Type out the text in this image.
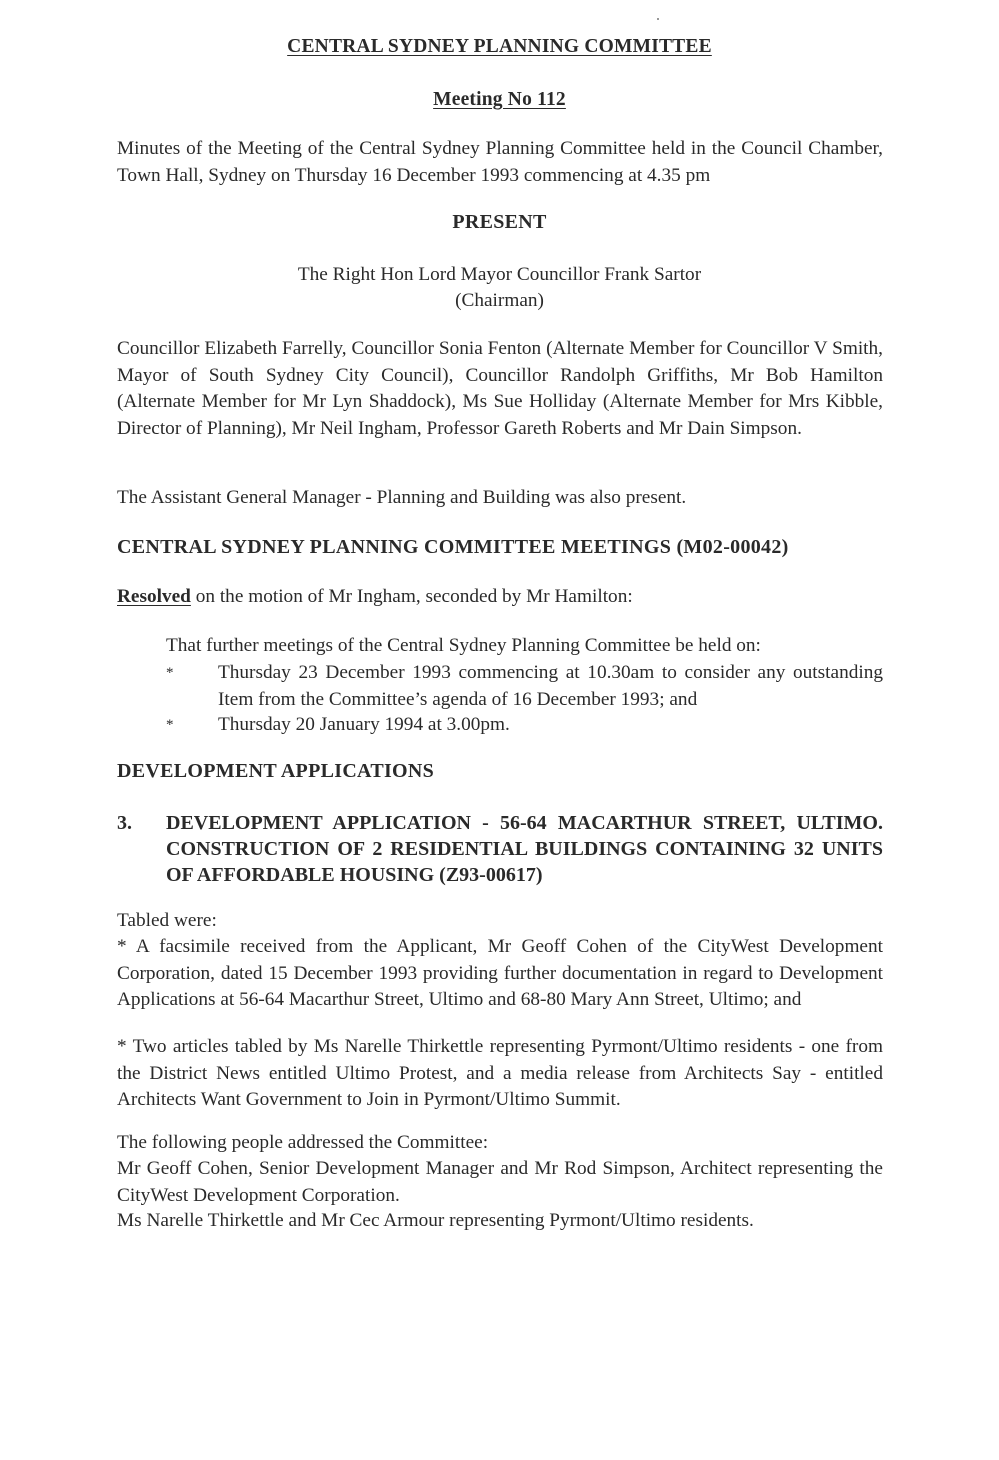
CENTRAL SYDNEY PLANNING COMMITTEE
Meeting No 112

Minutes of the Meeting of the Central Sydney Planning Committee held in the Council Chamber, Town Hall, Sydney on Thursday 16 December 1993 commencing at 4.35 pm

PRESENT
The Right Hon Lord Mayor Councillor Frank Sartor
(Chairman)

Councillor Elizabeth Farrelly, Councillor Sonia Fenton (Alternate Member for Councillor V Smith, Mayor of South Sydney City Council), Councillor Randolph Griffiths, Mr Bob Hamilton (Alternate Member for Mr Lyn Shaddock), Ms Sue Holliday (Alternate Member for Mrs Kibble, Director of Planning), Mr Neil Ingham, Professor Gareth Roberts and Mr Dain Simpson.

The Assistant General Manager - Planning and Building was also present.

CENTRAL SYDNEY PLANNING COMMITTEE MEETINGS (M02-00042)

Resolved on the motion of Mr Ingham, seconded by Mr Hamilton:

That further meetings of the Central Sydney Planning Committee be held on:

* Thursday 23 December 1993 commencing at 10.30am to consider any outstanding Item from the Committee’s agenda of 16 December 1993; and
* Thursday 20 January 1994 at 3.00pm.
DEVELOPMENT APPLICATIONS
3. DEVELOPMENT APPLICATION - 56-64 MACARTHUR STREET, ULTIMO. CONSTRUCTION OF 2 RESIDENTIAL BUILDINGS CONTAINING 32 UNITS OF AFFORDABLE HOUSING (Z93-00617)

Tabled were:

* A facsimile received from the Applicant, Mr Geoff Cohen of the CityWest Development Corporation, dated 15 December 1993 providing further documentation in regard to Development Applications at 56-64 Macarthur Street, Ultimo and 68-80 Mary Ann Street, Ultimo; and

* Two articles tabled by Ms Narelle Thirkettle representing Pyrmont/Ultimo residents - one from the District News entitled Ultimo Protest, and a media release from Architects Say - entitled Architects Want Government to Join in Pyrmont/Ultimo Summit.

The following people addressed the Committee:

Mr Geoff Cohen, Senior Development Manager and Mr Rod Simpson, Architect representing the CityWest Development Corporation.

Ms Narelle Thirkettle and Mr Cec Armour representing Pyrmont/Ultimo residents.
